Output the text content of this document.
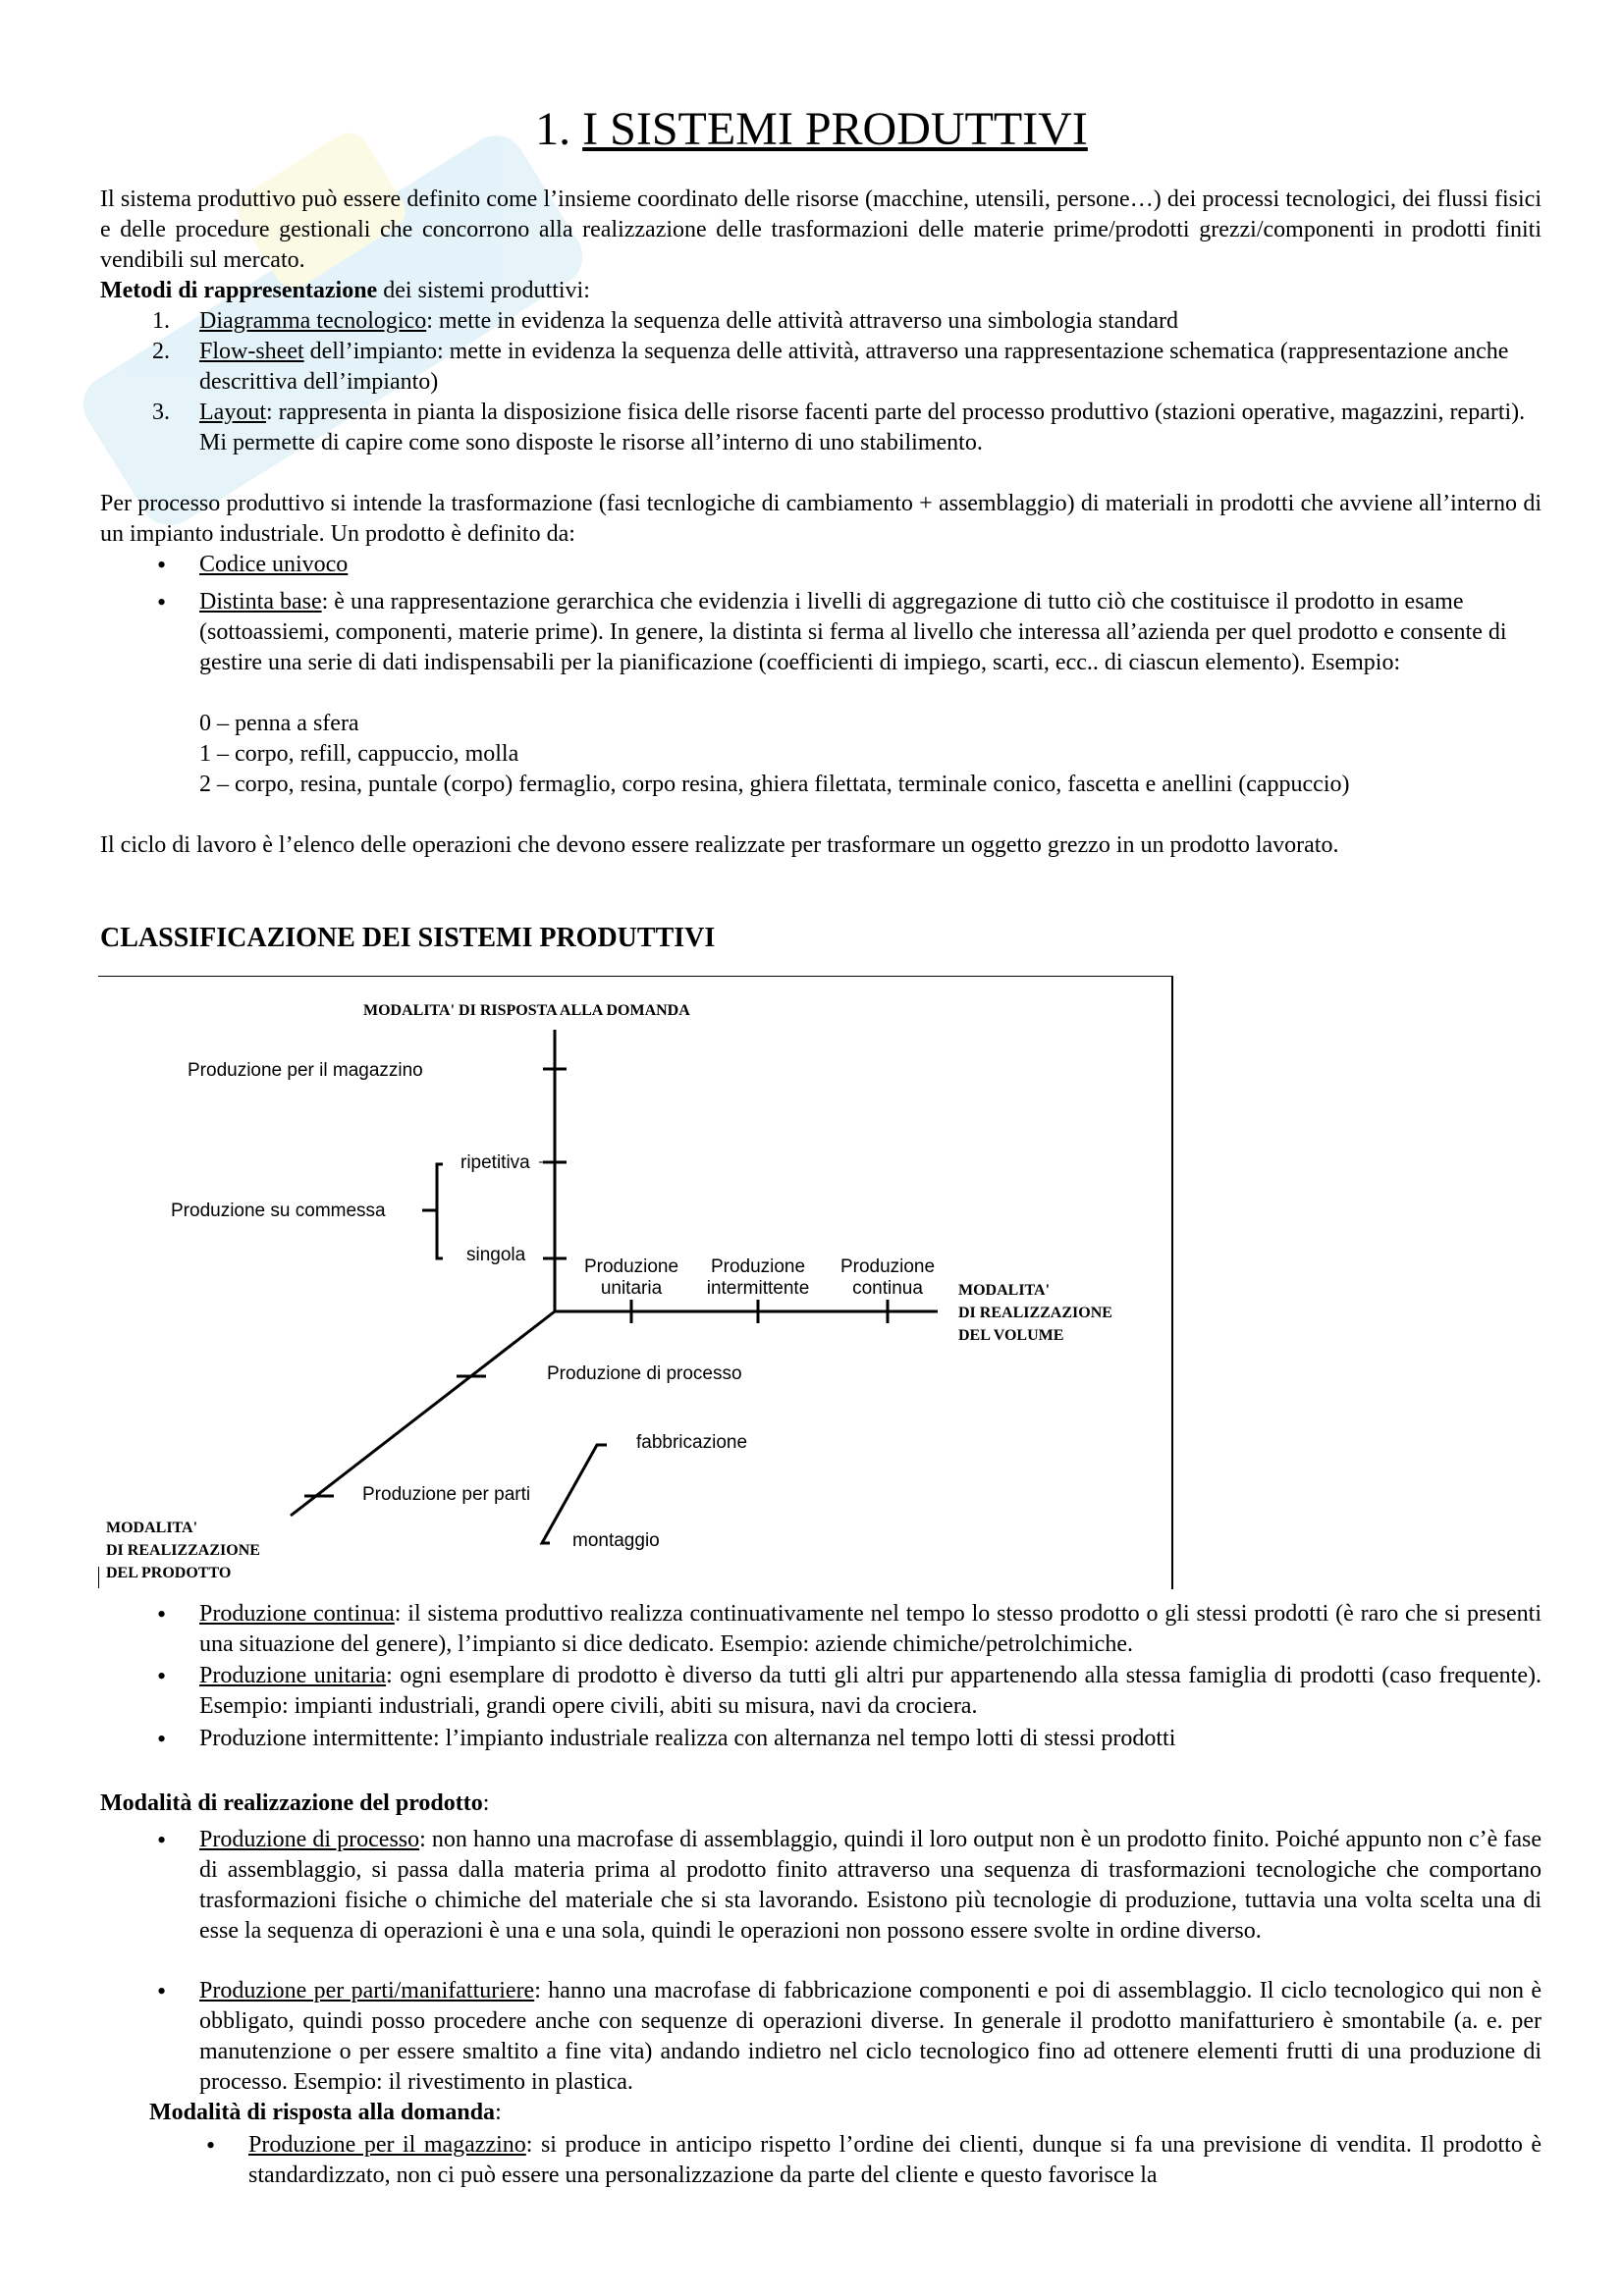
1. I SISTEMI PRODUTTIVI

Il sistema produttivo può essere definito come l’insieme coordinato delle risorse (macchine, utensili, persone…) dei processi tecnologici, dei flussi fisici e delle procedure gestionali che concorrono alla realizzazione delle trasformazioni delle materie prime/prodotti grezzi/componenti in prodotti finiti vendibili sul mercato.

Metodi di rappresentazione dei sistemi produttivi:

1. Diagramma tecnologico: mette in evidenza la sequenza delle attività attraverso una simbologia standard

2. Flow-sheet dell’impianto: mette in evidenza la sequenza delle attività, attraverso una rappresentazione schematica (rappresentazione anche descrittiva dell’impianto)

3. Layout: rappresenta in pianta la disposizione fisica delle risorse facenti parte del processo produttivo (stazioni operative, magazzini, reparti). Mi permette di capire come sono disposte le risorse all’interno di uno stabilimento.

Per processo produttivo si intende la trasformazione (fasi tecnlogiche di cambiamento + assemblaggio) di materiali in prodotti che avviene all’interno di un impianto industriale. Un prodotto è definito da:

• Codice univoco

• Distinta base: è una rappresentazione gerarchica che evidenzia i livelli di aggregazione di tutto ciò che costituisce il prodotto in esame (sottoassiemi, componenti, materie prime). In genere, la distinta si ferma al livello che interessa all’azienda per quel prodotto e consente di gestire una serie di dati indispensabili per la pianificazione (coefficienti di impiego, scarti, ecc.. di ciascun elemento). Esempio:

0 – penna a sfera

1 – corpo, refill, cappuccio, molla

2 – corpo, resina, puntale (corpo) fermaglio, corpo resina, ghiera filettata, terminale conico, fascetta e anellini (cappuccio)

Il ciclo di lavoro è l’elenco delle operazioni che devono essere realizzate per trasformare un oggetto grezzo in un prodotto lavorato.

CLASSIFICAZIONE DEI SISTEMI PRODUTTIVI
MODALITA' DI RISPOSTA ALLA DOMANDA
Produzione per il magazzino
Produzione su commessa
ripetitiva
singola
Produzione
unitaria
Produzione
intermittente
Produzione
continua MODALITA'
DI REALIZZAZIONE
DEL VOLUME
Produzione di processo
fabbricazione
Produzione per parti
montaggio
MODALITA'
DI REALIZZAZIONE
DEL PRODOTTO
• Produzione continua: il sistema produttivo realizza continuativamente nel tempo lo stesso prodotto o gli stessi prodotti (è raro che si presenti una situazione del genere), l’impianto si dice dedicato. Esempio: aziende chimiche/petrolchimiche.

• Produzione unitaria: ogni esemplare di prodotto è diverso da tutti gli altri pur appartenendo alla stessa famiglia di prodotti (caso frequente). Esempio: impianti industriali, grandi opere civili, abiti su misura, navi da crociera.

• Produzione intermittente: l’impianto industriale realizza con alternanza nel tempo lotti di stessi prodotti

Modalità di realizzazione del prodotto:

• Produzione di processo: non hanno una macrofase di assemblaggio, quindi il loro output non è un prodotto finito. Poiché appunto non c’è fase di assemblaggio, si passa dalla materia prima al prodotto finito attraverso una sequenza di trasformazioni tecnologiche che comportano trasformazioni fisiche o chimiche del materiale che si sta lavorando. Esistono più tecnologie di produzione, tuttavia una volta scelta una di esse la sequenza di operazioni è una e una sola, quindi le operazioni non possono essere svolte in ordine diverso.

• Produzione per parti/manifatturiere: hanno una macrofase di fabbricazione componenti e poi di assemblaggio. Il ciclo tecnologico qui non è obbligato, quindi posso procedere anche con sequenze di operazioni diverse. In generale il prodotto manifatturiero è smontabile (a. e. per manutenzione o per essere smaltito a fine vita) andando indietro nel ciclo tecnologico fino ad ottenere elementi frutti di una produzione di processo. Esempio: il rivestimento in plastica.

Modalità di risposta alla domanda:

• Produzione per il magazzino: si produce in anticipo rispetto l’ordine dei clienti, dunque si fa una previsione di vendita. Il prodotto è standardizzato, non ci può essere una personalizzazione da parte del cliente e questo favorisce la
